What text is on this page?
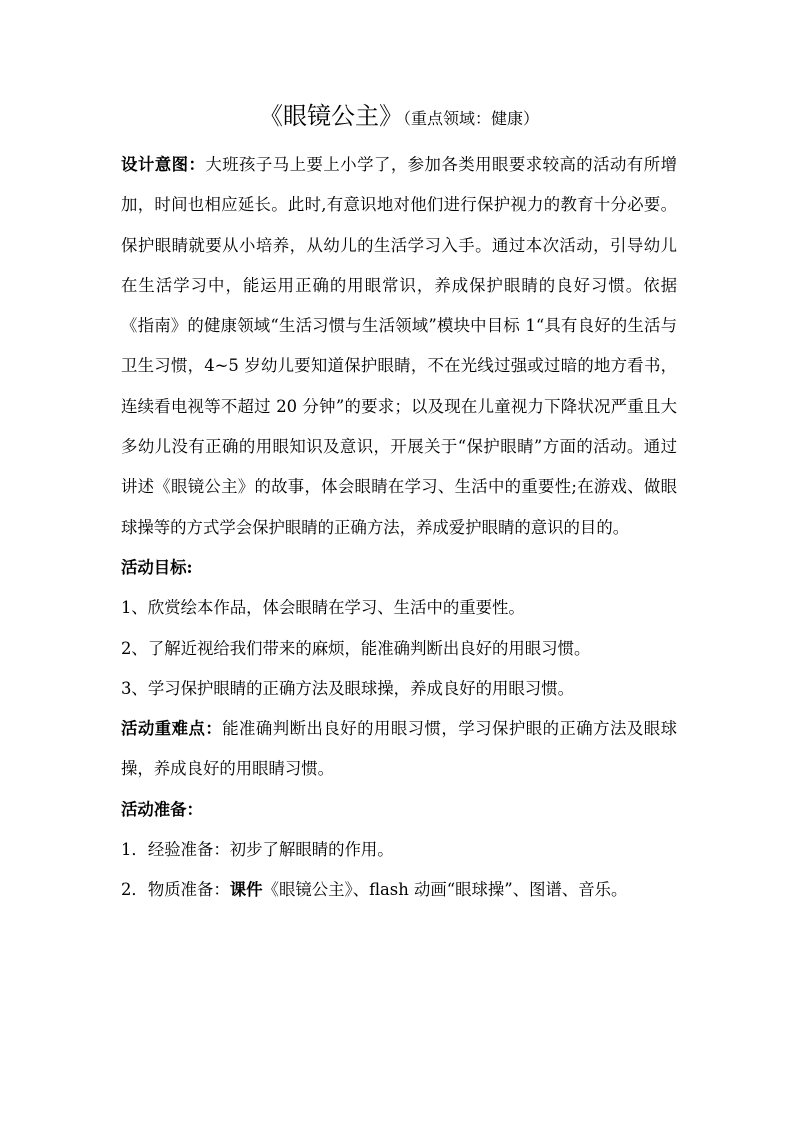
《眼镜公主》（重点领域：健康）

设计意图：大班孩子马上要上小学了，参加各类用眼要求较高的活动有所增加，时间也相应延长。此时,有意识地对他们进行保护视力的教育十分必要。保护眼睛就要从小培养，从幼儿的生活学习入手。通过本次活动，引导幼儿在生活学习中，能运用正确的用眼常识，养成保护眼睛的良好习惯。依据《指南》的健康领域“生活习惯与生活领域”模块中目标 1“具有良好的生活与卫生习惯，4~5 岁幼儿要知道保护眼睛，不在光线过强或过暗的地方看书，连续看电视等不超过 20 分钟”的要求；以及现在儿童视力下降状况严重且大多幼儿没有正确的用眼知识及意识，开展关于“保护眼睛”方面的活动。通过讲述《眼镜公主》的故事，体会眼睛在学习、生活中的重要性;在游戏、做眼球操等的方式学会保护眼睛的正确方法，养成爱护眼睛的意识的目的。

活动目标:

1、欣赏绘本作品，体会眼睛在学习、生活中的重要性。

2、了解近视给我们带来的麻烦，能准确判断出良好的用眼习惯。

3、学习保护眼睛的正确方法及眼球操，养成良好的用眼习惯。

活动重难点：能准确判断出良好的用眼习惯，学习保护眼的正确方法及眼球操，养成良好的用眼睛习惯。

活动准备：

1．经验准备：初步了解眼睛的作用。

2．物质准备：课件《眼镜公主》、flash 动画“眼球操”、图谱、音乐。
